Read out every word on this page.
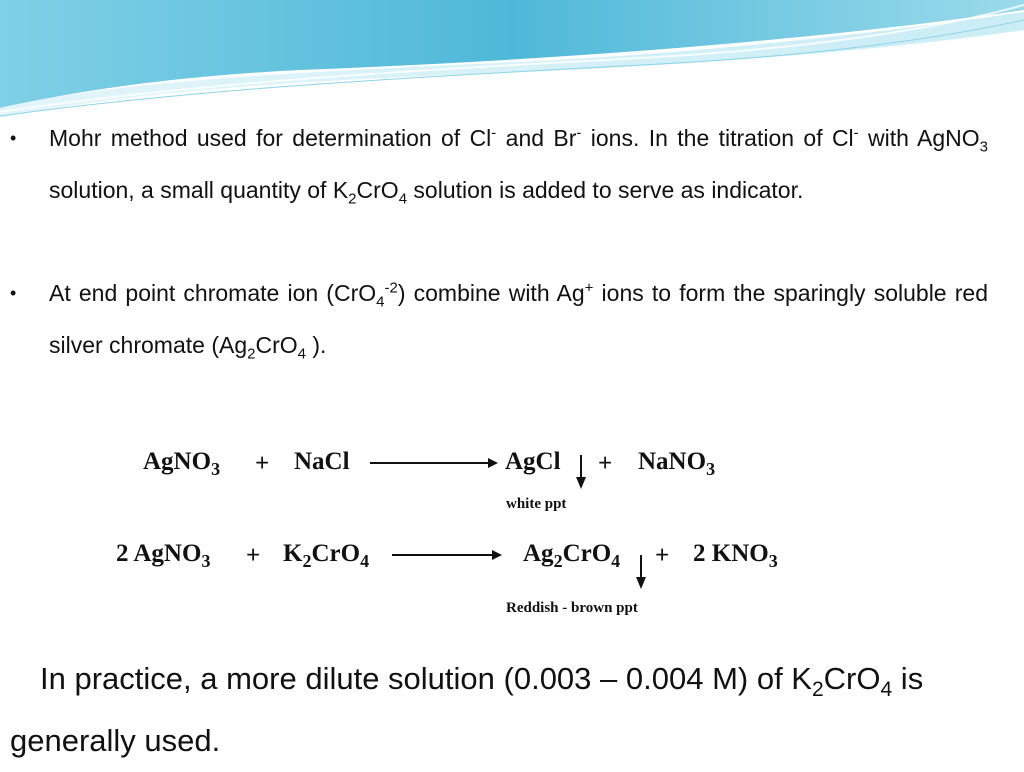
•	Mohr method used for determination of Cl- and Br- ions. In the titration of Cl- with AgNO$_3$ solution, a small quantity of $K_2CrO_4$ solution is added to serve as indicator.
•	At end point chromate ion (CrO$_4^{-2}$) combine with Ag+ ions to form the sparingly soluble red silver chromate ($Ag_2CrO_4$ ).
AgNO$_3$ + NaCl	AgCl + NaNO$_3$
white ppt
2 AgNO$_3$ + $K_2CrO_4$	$Ag_2CrO_4 + 2$ $KNO_3$
Reddish - brown ppt
In practice, a more dilute solution (0.003 – 0.004 M) of $K_2CrO_4$ is generally used.
